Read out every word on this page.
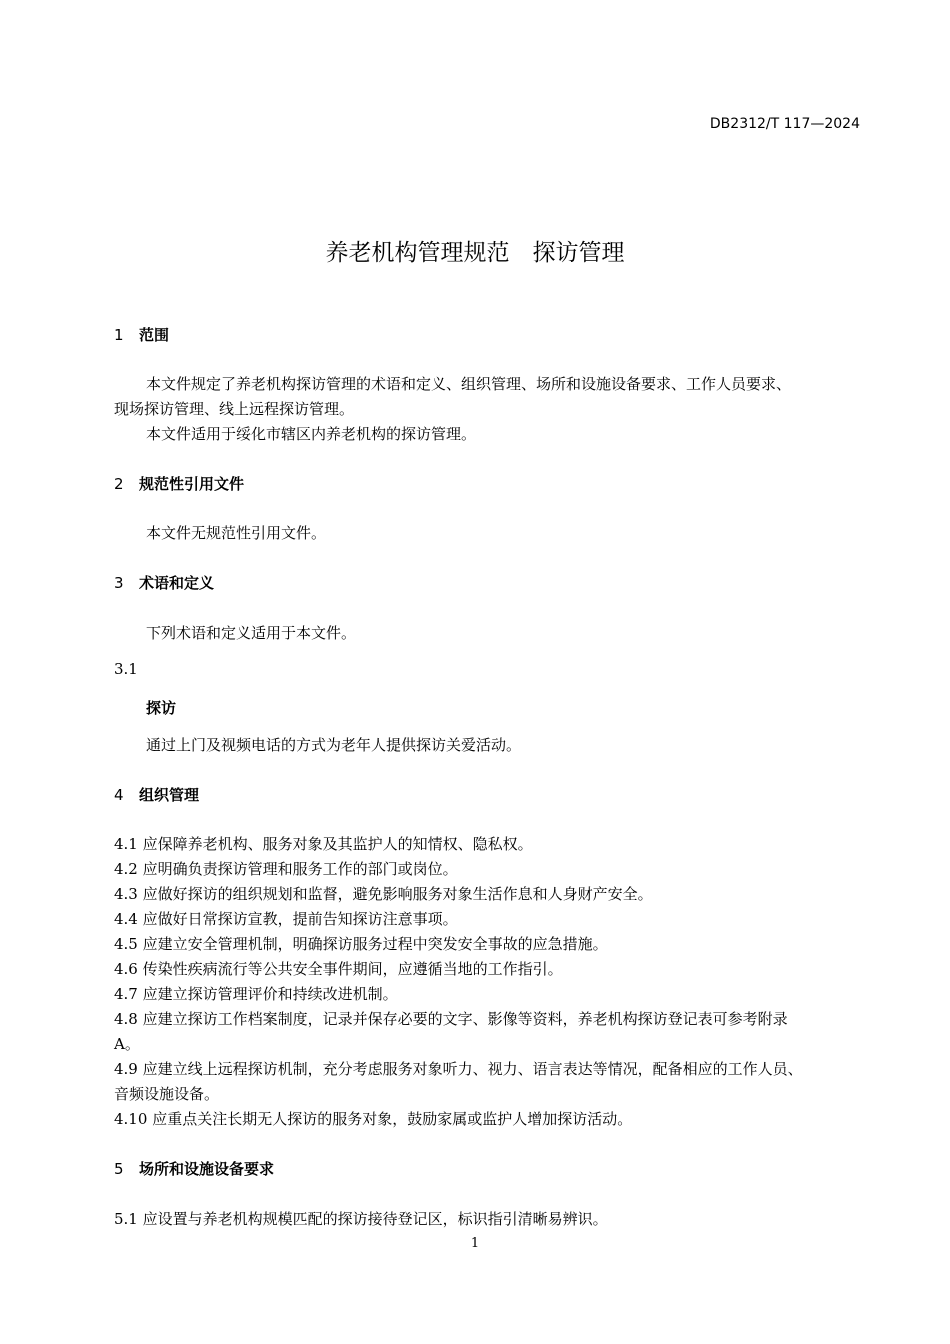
DB2312/T 117—2024
养老机构管理规范　探访管理
1 范围
本文件规定了养老机构探访管理的术语和定义、组织管理、场所和设施设备要求、工作人员要求、
现场探访管理、线上远程探访管理。
本文件适用于绥化市辖区内养老机构的探访管理。
2 规范性引用文件
本文件无规范性引用文件。
3 术语和定义
下列术语和定义适用于本文件。
3.1
探访
通过上门及视频电话的方式为老年人提供探访关爱活动。
4 组织管理
4.1 应保障养老机构、服务对象及其监护人的知情权、隐私权。
4.2 应明确负责探访管理和服务工作的部门或岗位。
4.3 应做好探访的组织规划和监督，避免影响服务对象生活作息和人身财产安全。
4.4 应做好日常探访宣教，提前告知探访注意事项。
4.5 应建立安全管理机制，明确探访服务过程中突发安全事故的应急措施。
4.6 传染性疾病流行等公共安全事件期间，应遵循当地的工作指引。
4.7 应建立探访管理评价和持续改进机制。
4.8 应建立探访工作档案制度，记录并保存必要的文字、影像等资料，养老机构探访登记表可参考附录
A。
4.9 应建立线上远程探访机制，充分考虑服务对象听力、视力、语言表达等情况，配备相应的工作人员、
音频设施设备。
4.10 应重点关注长期无人探访的服务对象，鼓励家属或监护人增加探访活动。
5 场所和设施设备要求
5.1 应设置与养老机构规模匹配的探访接待登记区，标识指引清晰易辨识。
1
